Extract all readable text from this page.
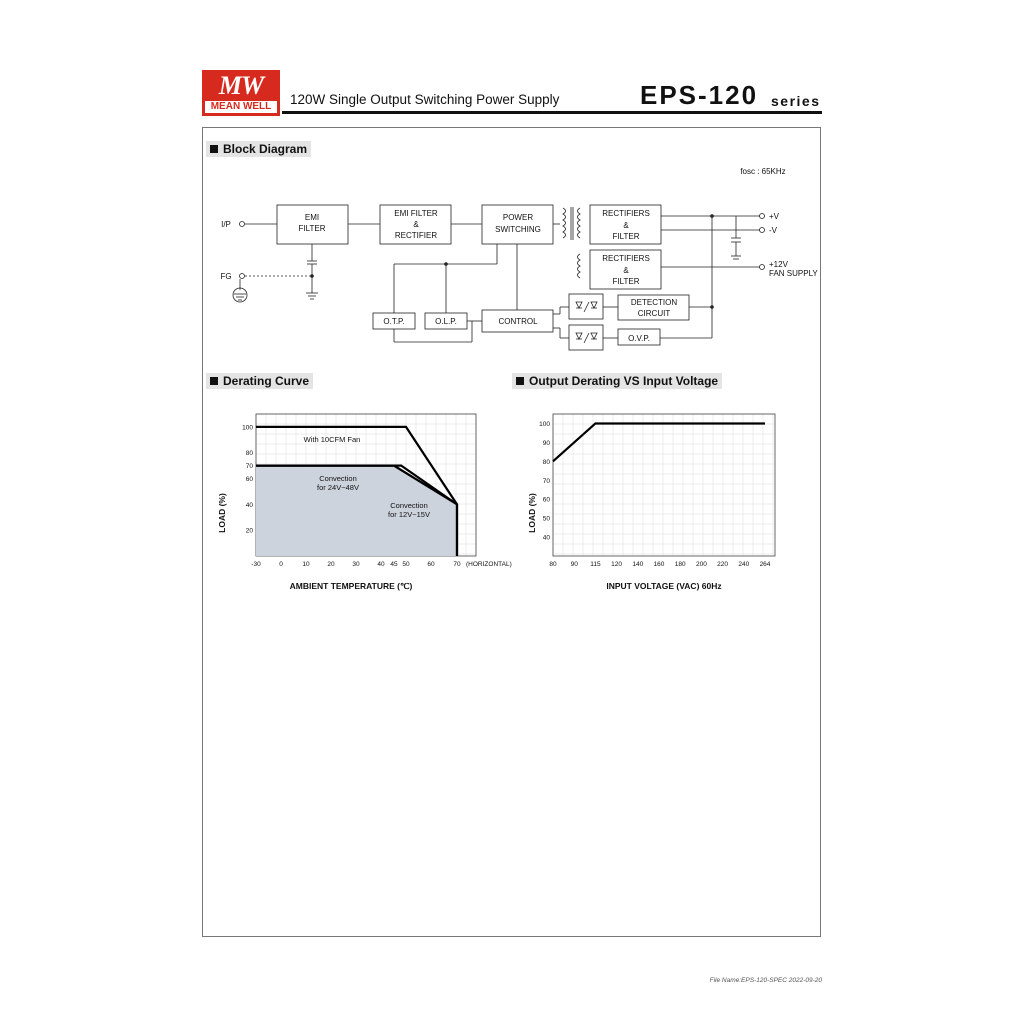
MW
MEAN WELL	120W Single Output Switching Power Supply	EPS-120 series
Block Diagram
Derating Curve	Output Derating VS Input Voltage
fosc : 65KHz
I/P
FG
EMI
FILTER
EMI FILTER
&
RECTIFIER
POWER
SWITCHING
RECTIFIERS
&
FILTER
RECTIFIERS
&
FILTER
DETECTION
CIRCUIT
O.T.P.	O.L.P.	CONTROL
O.V.P.
+V
-V
+12V
FAN SUPPLY
-30	0	10	20	30	40 45 50	60	70 (HORIZONTAL)
100
80
70
60
40
20
With 10CFM Fan
Convection
for 24V~48V
Convection
for 12V~15V
AMBIENT TEMPERATURE (℃)
LOAD (%)
80 90 115 120 140 160 180 200 220 240 264
100
90
80
70
60
50
40
INPUT VOLTAGE (VAC) 60Hz
LOAD (%)
File Name:EPS-120-SPEC 2022-09-20
